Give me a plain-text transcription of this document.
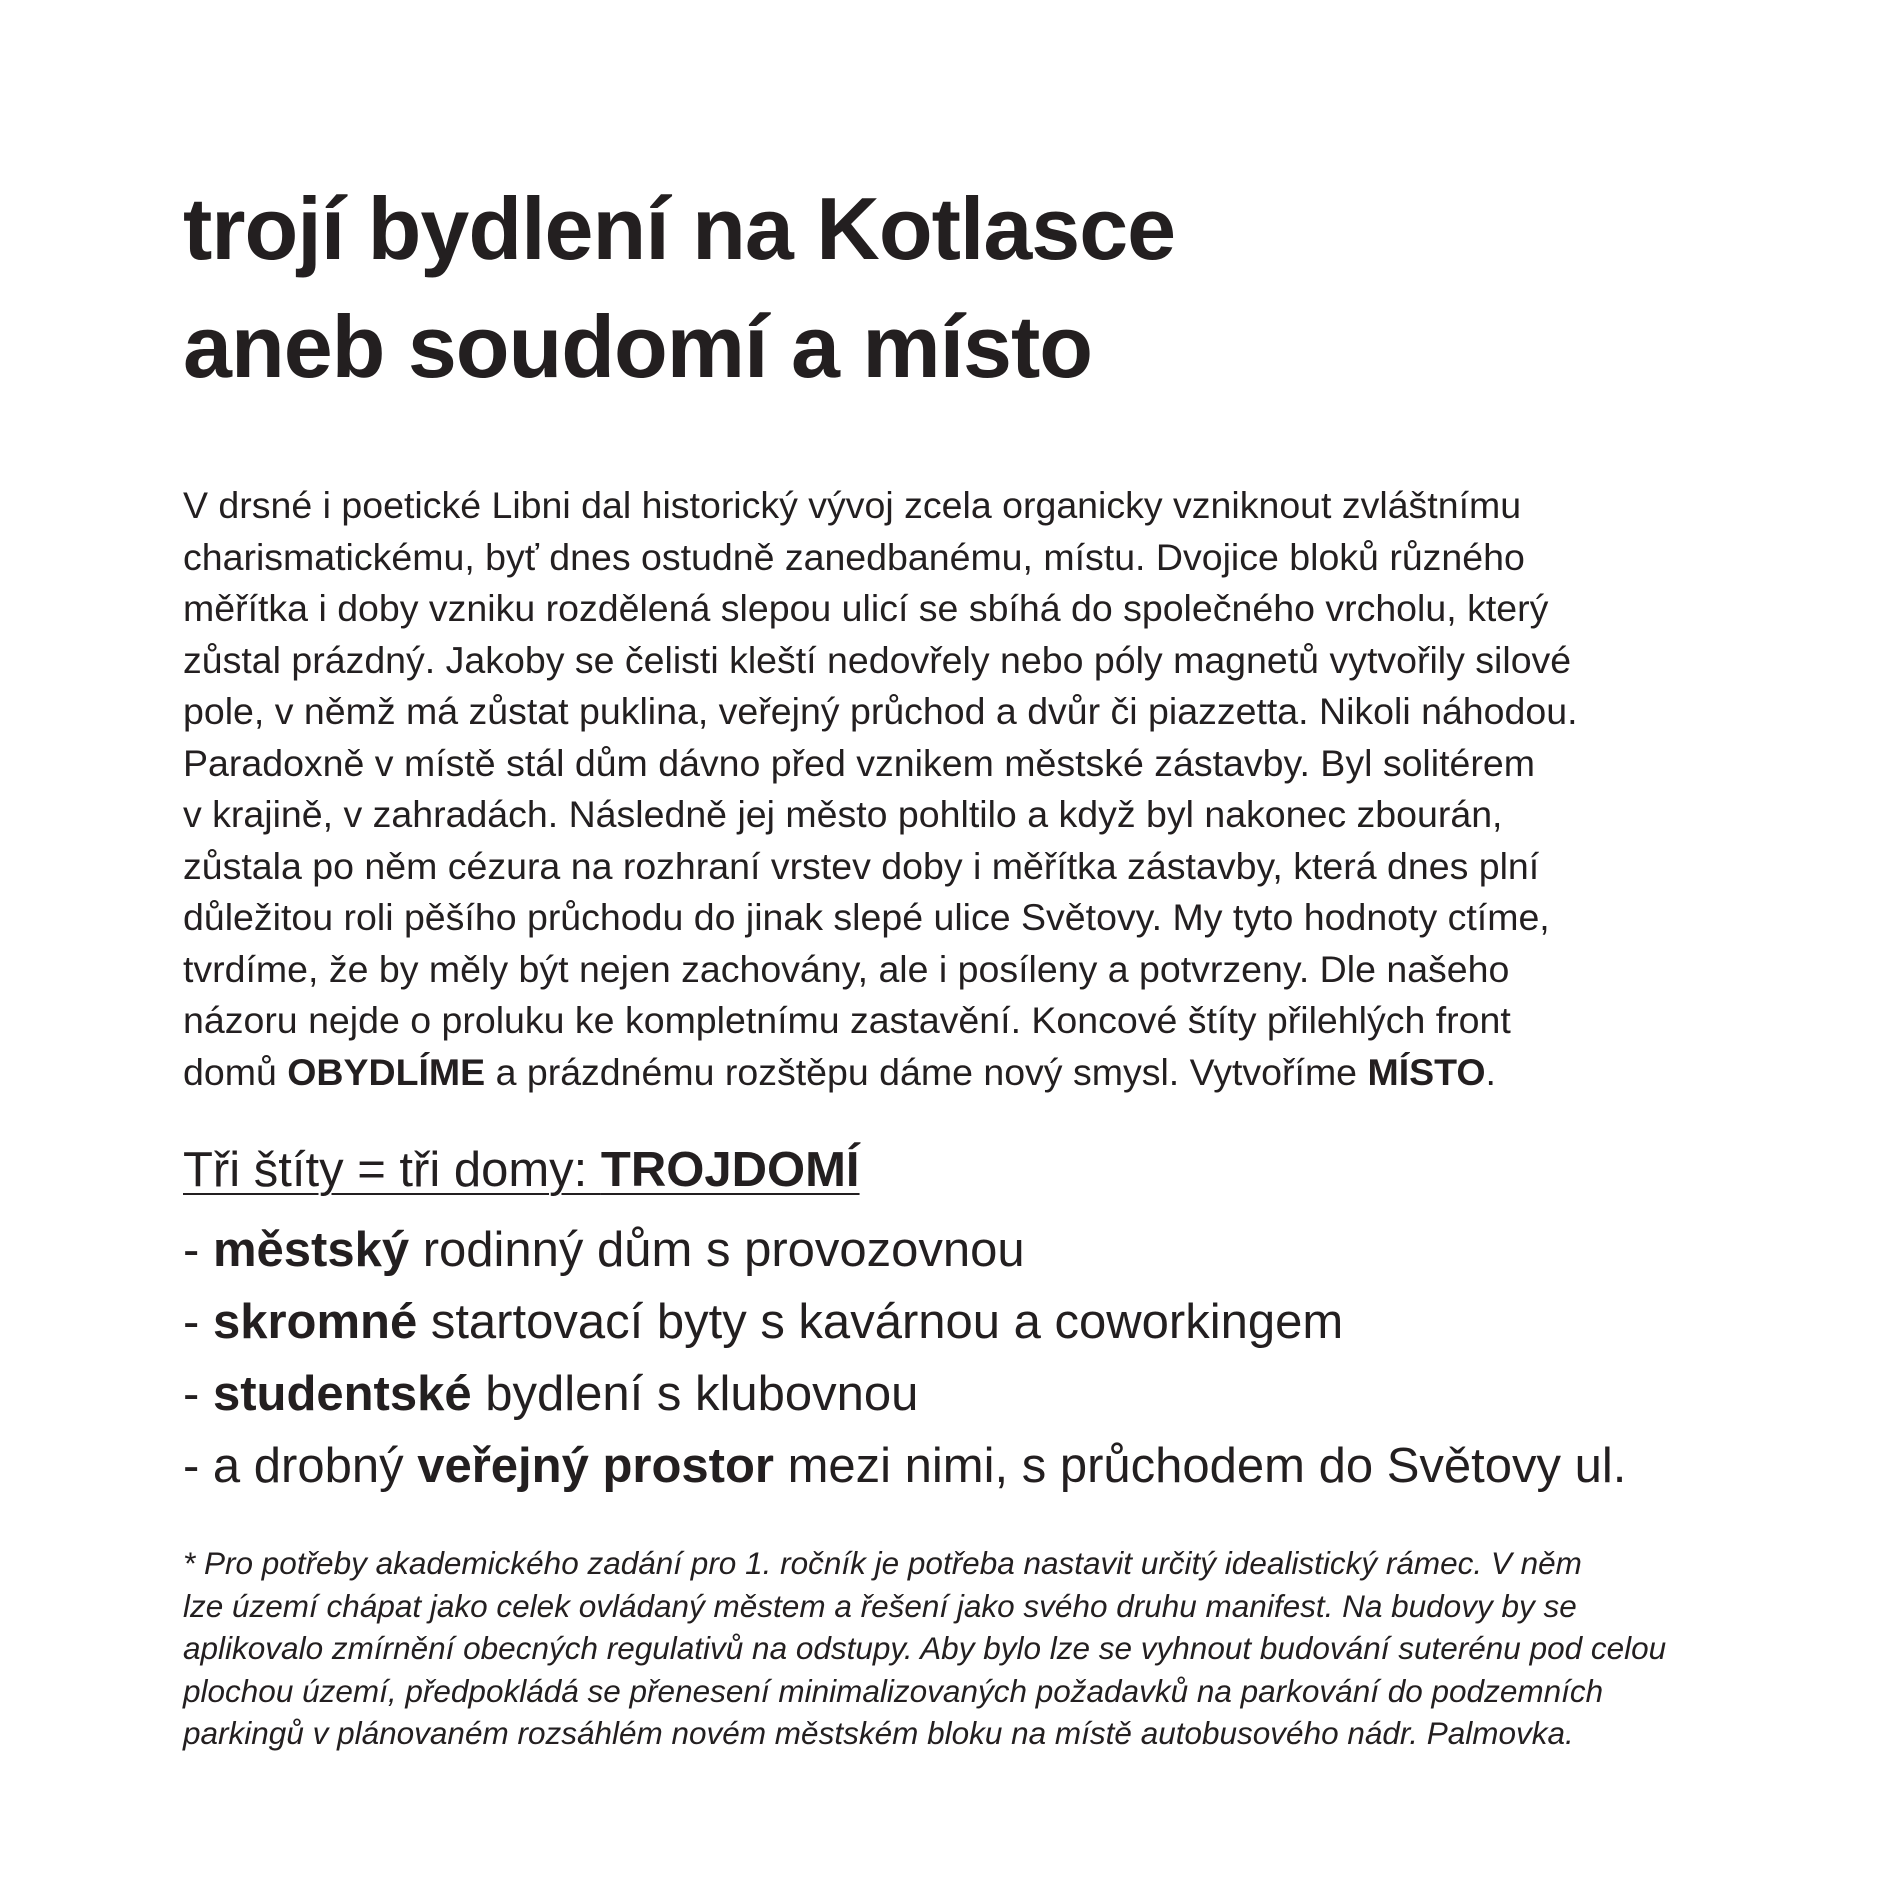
trojí bydlení na Kotlasce
aneb soudomí a místo
V drsné i poetické Libni dal historický vývoj zcela organicky vzniknout zvláštnímu
charismatickému, byť dnes ostudně zanedbanému, místu. Dvojice bloků různého
měřítka i doby vzniku rozdělená slepou ulicí se sbíhá do společného vrcholu, který
zůstal prázdný. Jakoby se čelisti kleští nedovřely nebo póly magnetů vytvořily silové
pole, v němž má zůstat puklina, veřejný průchod a dvůr či piazzetta. Nikoli náhodou.
Paradoxně v místě stál dům dávno před vznikem městské zástavby. Byl solitérem
v krajině, v zahradách. Následně jej město pohltilo a když byl nakonec zbourán,
zůstala po něm cézura na rozhraní vrstev doby i měřítka zástavby, která dnes plní
důležitou roli pěšího průchodu do jinak slepé ulice Světovy. My tyto hodnoty ctíme,
tvrdíme, že by měly být nejen zachovány, ale i posíleny a potvrzeny. Dle našeho
názoru nejde o proluku ke kompletnímu zastavění. Koncové štíty přilehlých front
domů OBYDLÍME a prázdnému rozštěpu dáme nový smysl. Vytvoříme MÍSTO.
Tři štíty = tři domy: TROJDOMÍ
- městský rodinný dům s provozovnou
- skromné startovací byty s kavárnou a coworkingem
- studentské bydlení s klubovnou
- a drobný veřejný prostor mezi nimi, s průchodem do Světovy ul.
* Pro potřeby akademického zadání pro 1. ročník je potřeba nastavit určitý idealistický rámec. V něm
lze území chápat jako celek ovládaný městem a řešení jako svého druhu manifest. Na budovy by se
aplikovalo zmírnění obecných regulativů na odstupy. Aby bylo lze se vyhnout budování suterénu pod celou
plochou území, předpokládá se přenesení minimalizovaných požadavků na parkování do podzemních
parkingů v plánovaném rozsáhlém novém městském bloku na místě autobusového nádr. Palmovka.
